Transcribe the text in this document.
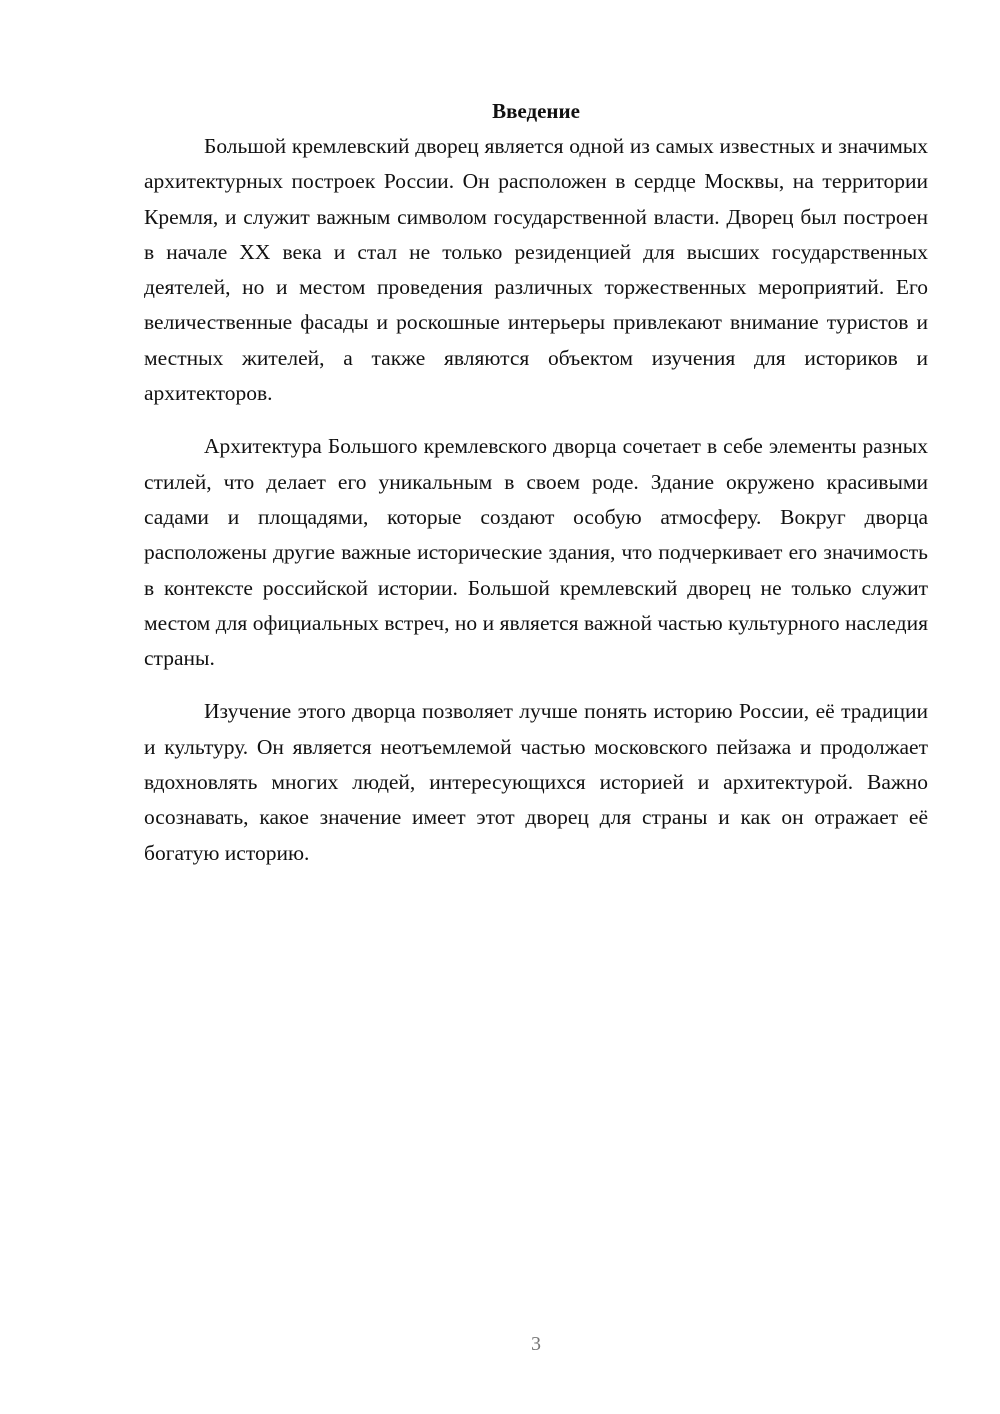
Введение

Большой кремлевский дворец является одной из самых известных и значимых архитектурных построек России. Он расположен в сердце Москвы, на территории Кремля, и служит важным символом государственной власти. Дворец был построен в начале XX века и стал не только резиденцией для высших государственных деятелей, но и местом проведения различных торжественных мероприятий. Его величественные фасады и роскошные интерьеры привлекают внимание туристов и местных жителей, а также являются объектом изучения для историков и архитекторов.

Архитектура Большого кремлевского дворца сочетает в себе элементы разных стилей, что делает его уникальным в своем роде. Здание окружено красивыми садами и площадями, которые создают особую атмосферу. Вокруг дворца расположены другие важные исторические здания, что подчеркивает его значимость в контексте российской истории. Большой кремлевский дворец не только служит местом для официальных встреч, но и является важной частью культурного наследия страны.

Изучение этого дворца позволяет лучше понять историю России, её традиции и культуру. Он является неотъемлемой частью московского пейзажа и продолжает вдохновлять многих людей, интересующихся историей и архитектурой. Важно осознавать, какое значение имеет этот дворец для страны и как он отражает её богатую историю.

3
